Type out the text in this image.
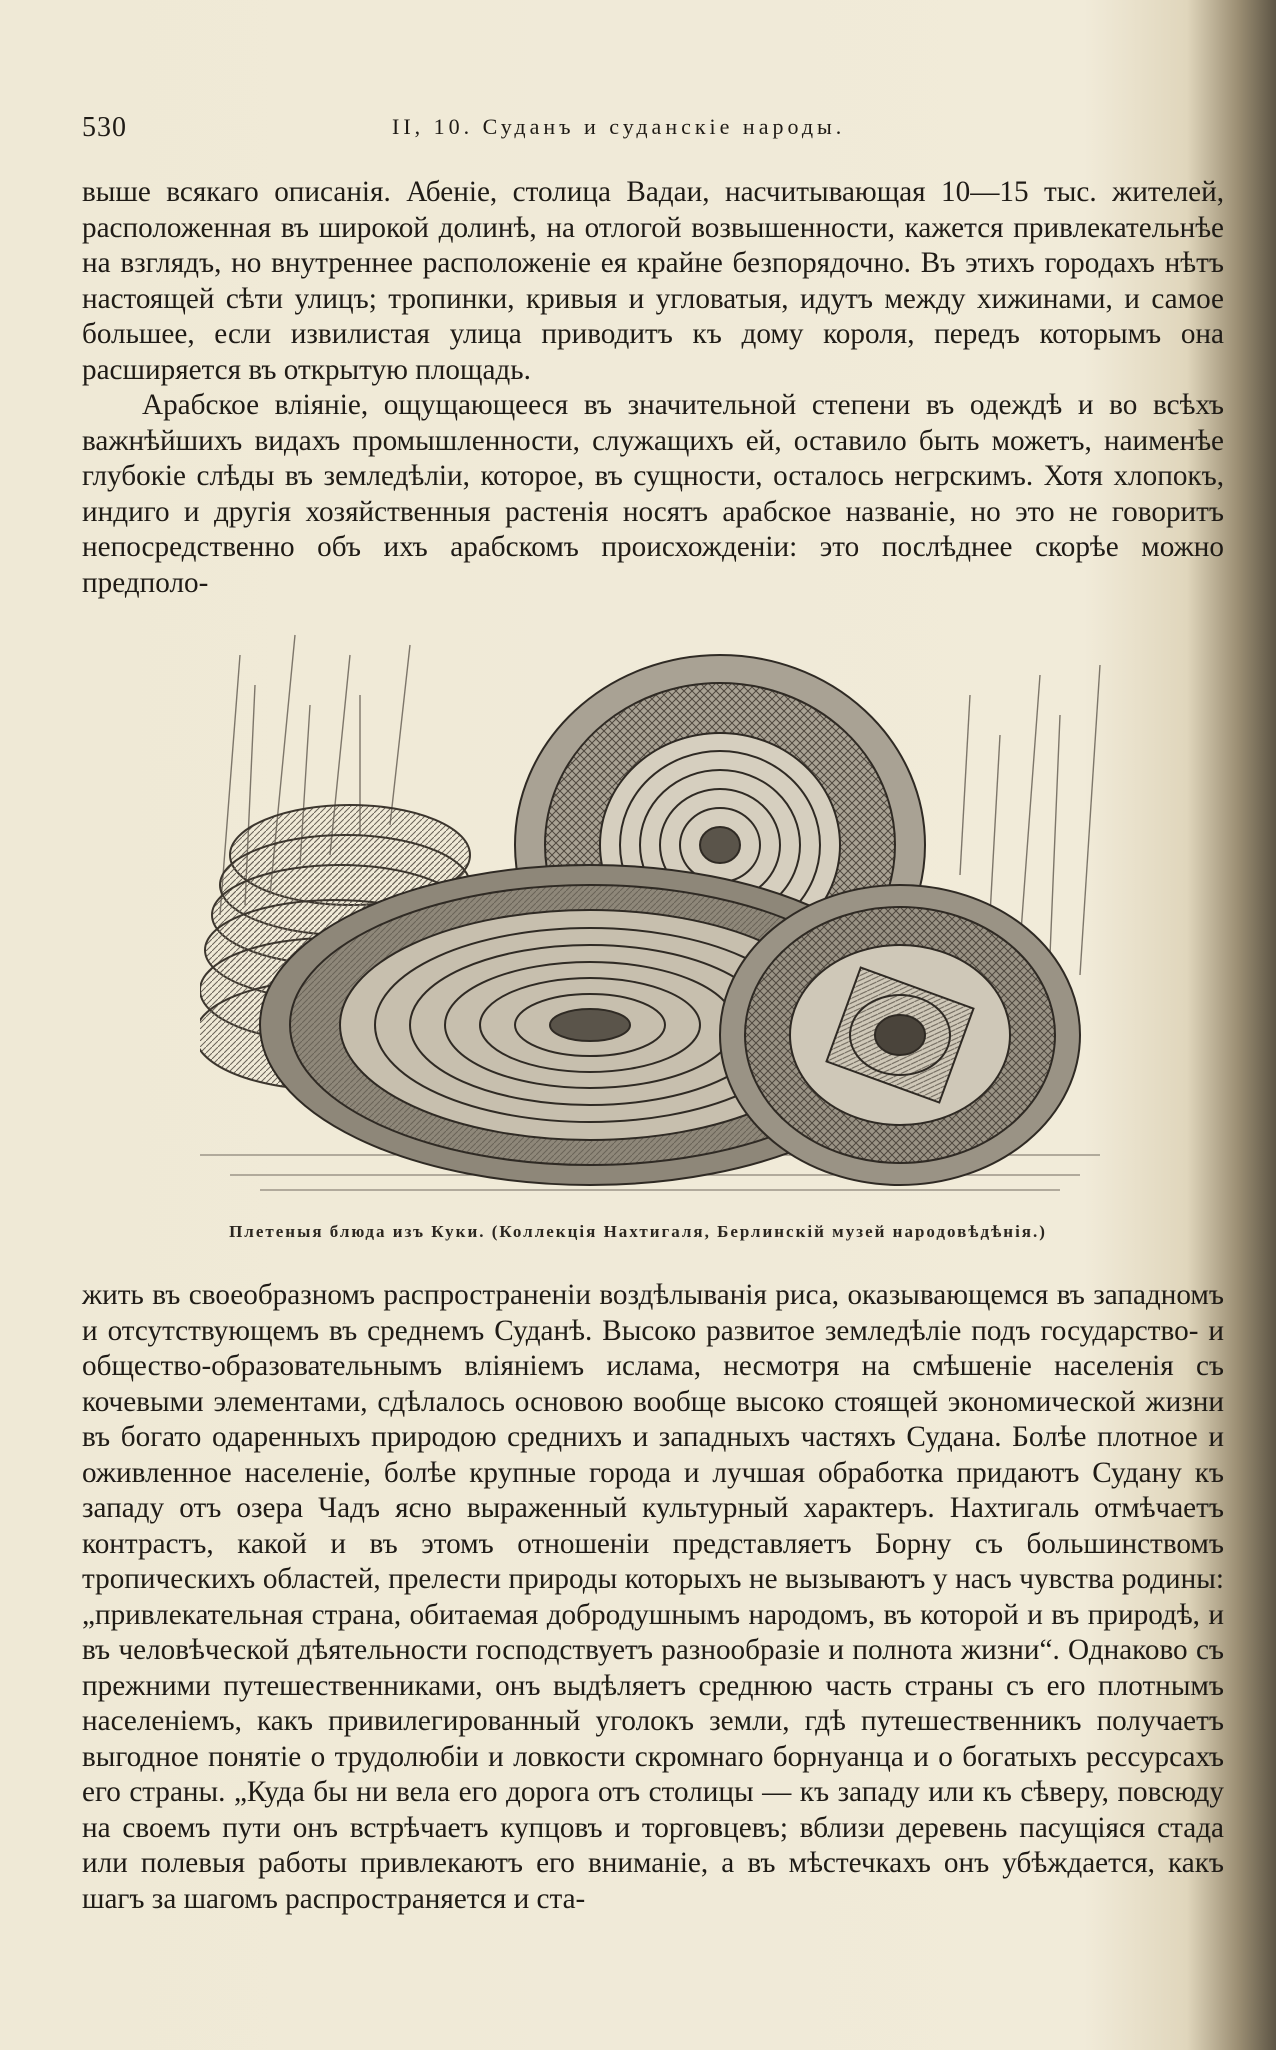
530	II, 10. Суданъ и суданскiе народы.

выше всякаго описанiя. Абенie, столица Вадаи, насчитывающая 10—15 тыс. жителей, расположенная въ широкой долинѣ, на отлогой возвышенности, кажется привлекательнѣе на взглядъ, но внутреннее расположенiе ея крайне безпорядочно. Въ этихъ городахъ нѣтъ настоящей сѣти улицъ; тропинки, кривыя и угловатыя, идутъ между хижинами, и самое большее, если извилистая улица приводитъ къ дому короля, передъ которымъ она расширяется въ открытую площадь.

Арабское влiянie, ощущающееся въ значительной степени въ одеждѣ и во всѣхъ важнѣйшихъ видахъ промышленности, служащихъ ей, оставило быть можетъ, наименѣе глубокie слѣды въ земледѣлiи, которое, въ сущности, осталось негрскимъ. Хотя хлопокъ, индиго и другiя хозяйственныя растенiя носятъ арабское названie, но это не говоритъ непосредственно объ ихъ арабскомъ происхожденiи: это послѣднее скорѣе можно предполо-

Плетеныя блюда изъ Куки. (Коллекцiя Нахтигаля, Берлинскiй музей народовѣдѣнiя.)

жить въ своеобразномъ распространенiи воздѣлыванiя риса, оказывающемся въ западномъ и отсутствующемъ въ среднемъ Суданѣ. Высоко развитое земледѣлie подъ государство- и общество-образовательнымъ влiянieмъ ислама, несмотря на смѣшенie населенiя съ кочевыми элементами, сдѣлалось основою вообще высоко стоящей экономической жизни въ богато одаренныхъ природою среднихъ и западныхъ частяхъ Судана. Болѣе плотное и оживленное населенie, болѣе крупные города и лучшая обработка придаютъ Судану къ западу отъ озера Чадъ ясно выраженный культурный характеръ. Нахтигаль отмѣчаетъ контрастъ, какой и въ этомъ отношенiи представляетъ Борну съ большинствомъ тропическихъ областей, прелести природы которыхъ не вызываютъ у насъ чувства родины: „привлекательная страна, обитаемая добродушнымъ народомъ, въ которой и въ природѣ, и въ человѣческой дѣятельности господствуетъ разнообразie и полнота жизни“. Однаково съ прежними путешественниками, онъ выдѣляетъ среднюю часть страны съ его плотнымъ населенiемъ, какъ привилегированный уголокъ земли, гдѣ путешественникъ получаетъ выгодное понятie о трудолюбiи и ловкости скромнаго борнуанца и о богатыхъ рессурсахъ его страны. „Куда бы ни вела его дорога отъ столицы — къ западу или къ сѣверу, повсюду на своемъ пути онъ встрѣчаетъ купцовъ и торговцевъ; вблизи деревень пасущiяся стада или полевыя работы привлекаютъ его вниманie, а въ мѣстечкахъ онъ убѣждается, какъ шагъ за шагомъ распространяется и ста-
